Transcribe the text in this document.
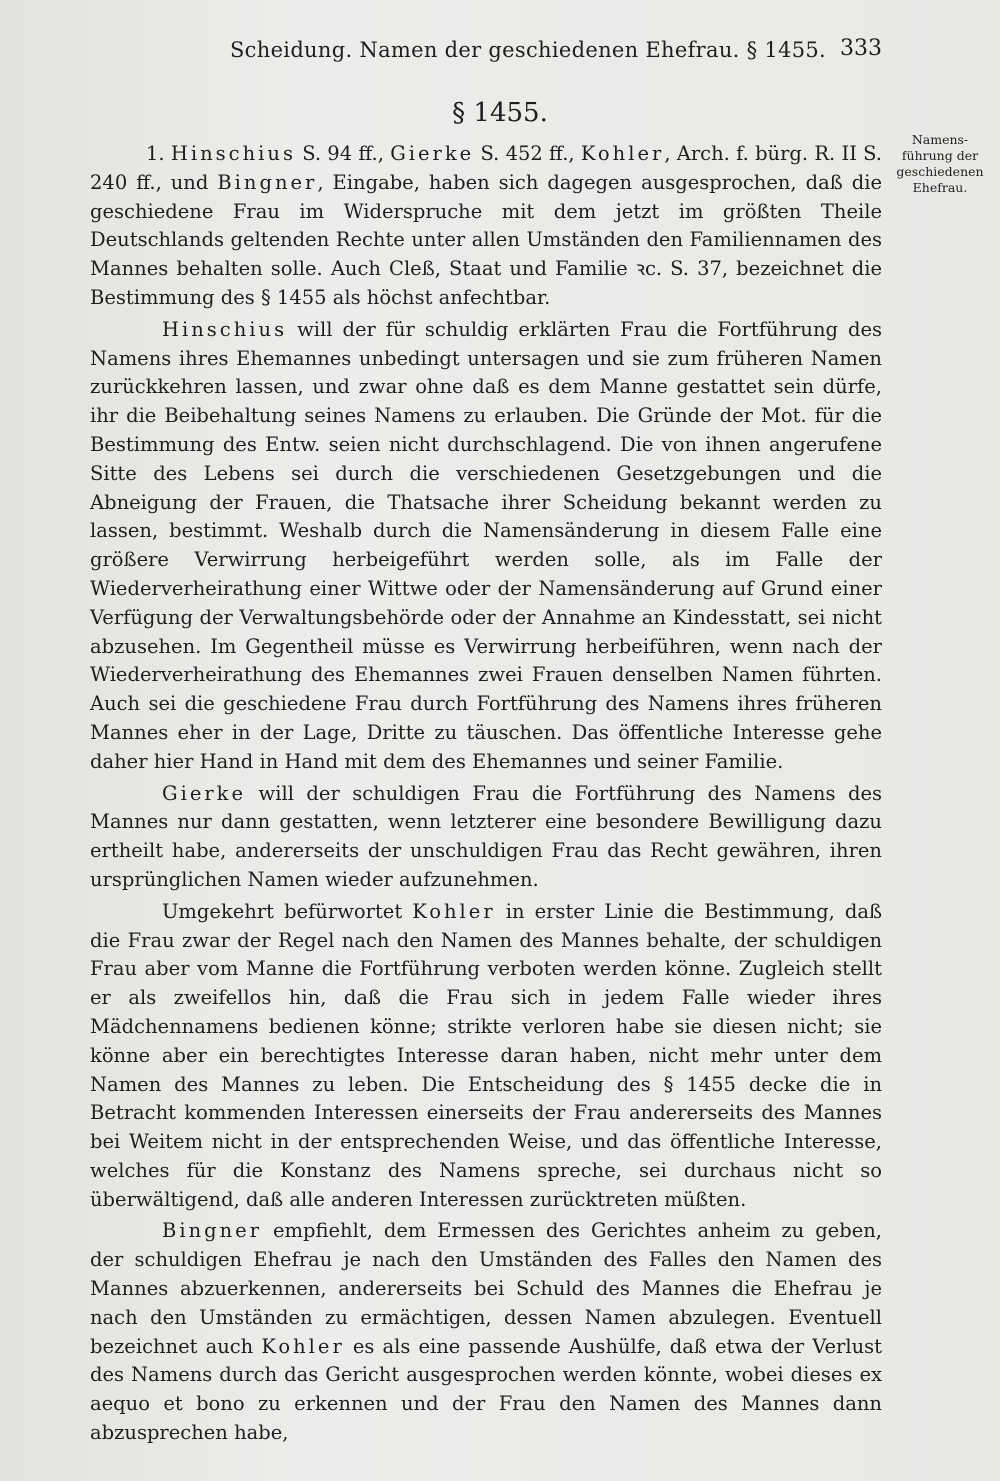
Scheidung. Namen der geschiedenen Ehefrau. § 1455. 333
§ 1455.
Namens-
führung der
geschiedenen
Ehefrau.

1. Hinschius S. 94 ff., Gierke S. 452 ff., Kohler, Arch. f. bürg. R. II S. 240 ff., und Bingner, Eingabe, haben sich dagegen ausgesprochen, daß die geschiedene Frau im Widerspruche mit dem jetzt im größten Theile Deutschlands geltenden Rechte unter allen Umständen den Familiennamen des Mannes behalten solle. Auch Cleß, Staat und Familie ꝛc. S. 37, bezeichnet die Bestimmung des § 1455 als höchst anfechtbar.

Hinschius will der für schuldig erklärten Frau die Fortführung des Namens ihres Ehemannes unbedingt untersagen und sie zum früheren Namen zurückkehren lassen, und zwar ohne daß es dem Manne gestattet sein dürfe, ihr die Beibehaltung seines Namens zu erlauben. Die Gründe der Mot. für die Bestimmung des Entw. seien nicht durchschlagend. Die von ihnen angerufene Sitte des Lebens sei durch die verschiedenen Gesetzgebungen und die Abneigung der Frauen, die Thatsache ihrer Scheidung bekannt werden zu lassen, bestimmt. Weshalb durch die Namensänderung in diesem Falle eine größere Verwirrung herbeigeführt werden solle, als im Falle der Wiederverheirathung einer Wittwe oder der Namensänderung auf Grund einer Verfügung der Verwaltungsbehörde oder der Annahme an Kindesstatt, sei nicht abzusehen. Im Gegentheil müsse es Verwirrung herbeiführen, wenn nach der Wiederverheirathung des Ehemannes zwei Frauen denselben Namen führten. Auch sei die geschiedene Frau durch Fortführung des Namens ihres früheren Mannes eher in der Lage, Dritte zu täuschen. Das öffentliche Interesse gehe daher hier Hand in Hand mit dem des Ehemannes und seiner Familie.

Gierke will der schuldigen Frau die Fortführung des Namens des Mannes nur dann gestatten, wenn letzterer eine besondere Bewilligung dazu ertheilt habe, andererseits der unschuldigen Frau das Recht gewähren, ihren ursprünglichen Namen wieder aufzunehmen.

Umgekehrt befürwortet Kohler in erster Linie die Bestimmung, daß die Frau zwar der Regel nach den Namen des Mannes behalte, der schuldigen Frau aber vom Manne die Fortführung verboten werden könne. Zugleich stellt er als zweifellos hin, daß die Frau sich in jedem Falle wieder ihres Mädchennamens bedienen könne; strikte verloren habe sie diesen nicht; sie könne aber ein berechtigtes Interesse daran haben, nicht mehr unter dem Namen des Mannes zu leben. Die Entscheidung des § 1455 decke die in Betracht kommenden Interessen einerseits der Frau andererseits des Mannes bei Weitem nicht in der entsprechenden Weise, und das öffentliche Interesse, welches für die Konstanz des Namens spreche, sei durchaus nicht so überwältigend, daß alle anderen Interessen zurücktreten müßten.

Bingner empfiehlt, dem Ermessen des Gerichtes anheim zu geben, der schuldigen Ehefrau je nach den Umständen des Falles den Namen des Mannes abzuerkennen, andererseits bei Schuld des Mannes die Ehefrau je nach den Umständen zu ermächtigen, dessen Namen abzulegen. Eventuell bezeichnet auch Kohler es als eine passende Aushülfe, daß etwa der Verlust des Namens durch das Gericht ausgesprochen werden könnte, wobei dieses ex aequo et bono zu erkennen und der Frau den Namen des Mannes dann abzusprechen habe,
